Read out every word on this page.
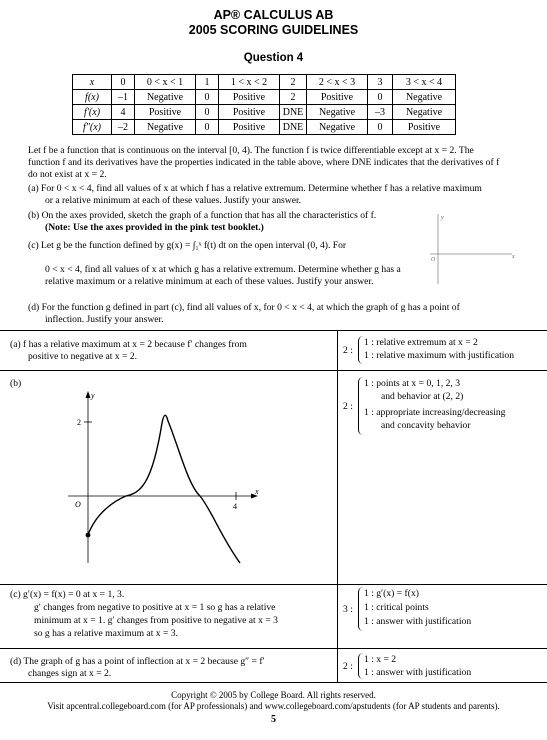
AP® CALCULUS AB
2005 SCORING GUIDELINES
Question 4
x	0	0 < x < 1	1	1 < x < 2	2	2 < x < 3	3	3 < x < 4
f(x)	–1	Negative	0	Positive	2	Positive	0	Negative
f′(x)	4	Positive	0	Positive	DNE	Negative	–3	Negative
f″(x)	–2	Negative	0	Positive	DNE	Negative	0	Positive
Let f be a function that is continuous on the interval [0, 4). The function f is twice differentiable except at x = 2. The
function f and its derivatives have the properties indicated in the table above, where DNE indicates that the derivatives of f
do not exist at x = 2.
(a) For 0 < x < 4, find all values of x at which f has a relative extremum. Determine whether f has a relative maximum
or a relative minimum at each of these values. Justify your answer.
(b) On the axes provided, sketch the graph of a function that has all the characteristics of f.
(Note: Use the axes provided in the pink test booklet.)
(c) Let g be the function defined by g(x) = ∫₁ˣ f(t) dt on the open interval (0, 4). For
0 < x < 4, find all values of x at which g has a relative extremum. Determine whether g has a
relative maximum or a relative minimum at each of these values. Justify your answer.
(d) For the function g defined in part (c), find all values of x, for 0 < x < 4, at which the graph of g has a point of
inflection. Justify your answer.
y
x
O
(a) f has a relative maximum at x = 2 because f′ changes from
positive to negative at x = 2.
2 :
1 : relative extremum at x = 2
1 : relative maximum with justification
(b)
2 :
1 : points at x = 0, 1, 2, 3
and behavior at (2, 2)
1 : appropriate increasing/decreasing
and concavity behavior
y
x
O
2
4
(c) g′(x) = f(x) = 0 at x = 1, 3.
g′ changes from negative to positive at x = 1 so g has a relative
minimum at x = 1. g′ changes from positive to negative at x = 3
so g has a relative maximum at x = 3.
3 :
1 : g′(x) = f(x)
1 : critical points
1 : answer with justification
(d) The graph of g has a point of inflection at x = 2 because g″ = f′
changes sign at x = 2.
2 :
1 : x = 2
1 : answer with justification
Copyright © 2005 by College Board. All rights reserved.
Visit apcentral.collegeboard.com (for AP professionals) and www.collegeboard.com/apstudents (for AP students and parents).
5
